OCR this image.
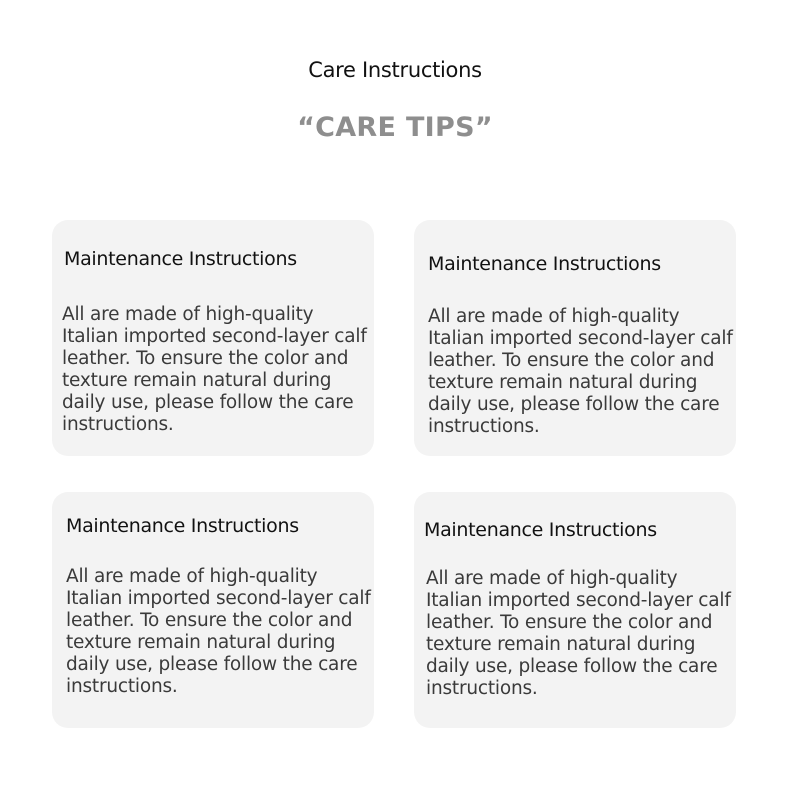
Care Instructions
“CARE TIPS”
Maintenance Instructions
All are made of high-quality Italian imported second-layer calf leather. To ensure the color and texture remain natural during daily use, please follow the care instructions.
Maintenance Instructions
All are made of high-quality Italian imported second-layer calf leather. To ensure the color and texture remain natural during daily use, please follow the care instructions.
Maintenance Instructions
All are made of high-quality Italian imported second-layer calf leather. To ensure the color and texture remain natural during daily use, please follow the care instructions.
Maintenance Instructions
All are made of high-quality Italian imported second-layer calf leather. To ensure the color and texture remain natural during daily use, please follow the care instructions.
